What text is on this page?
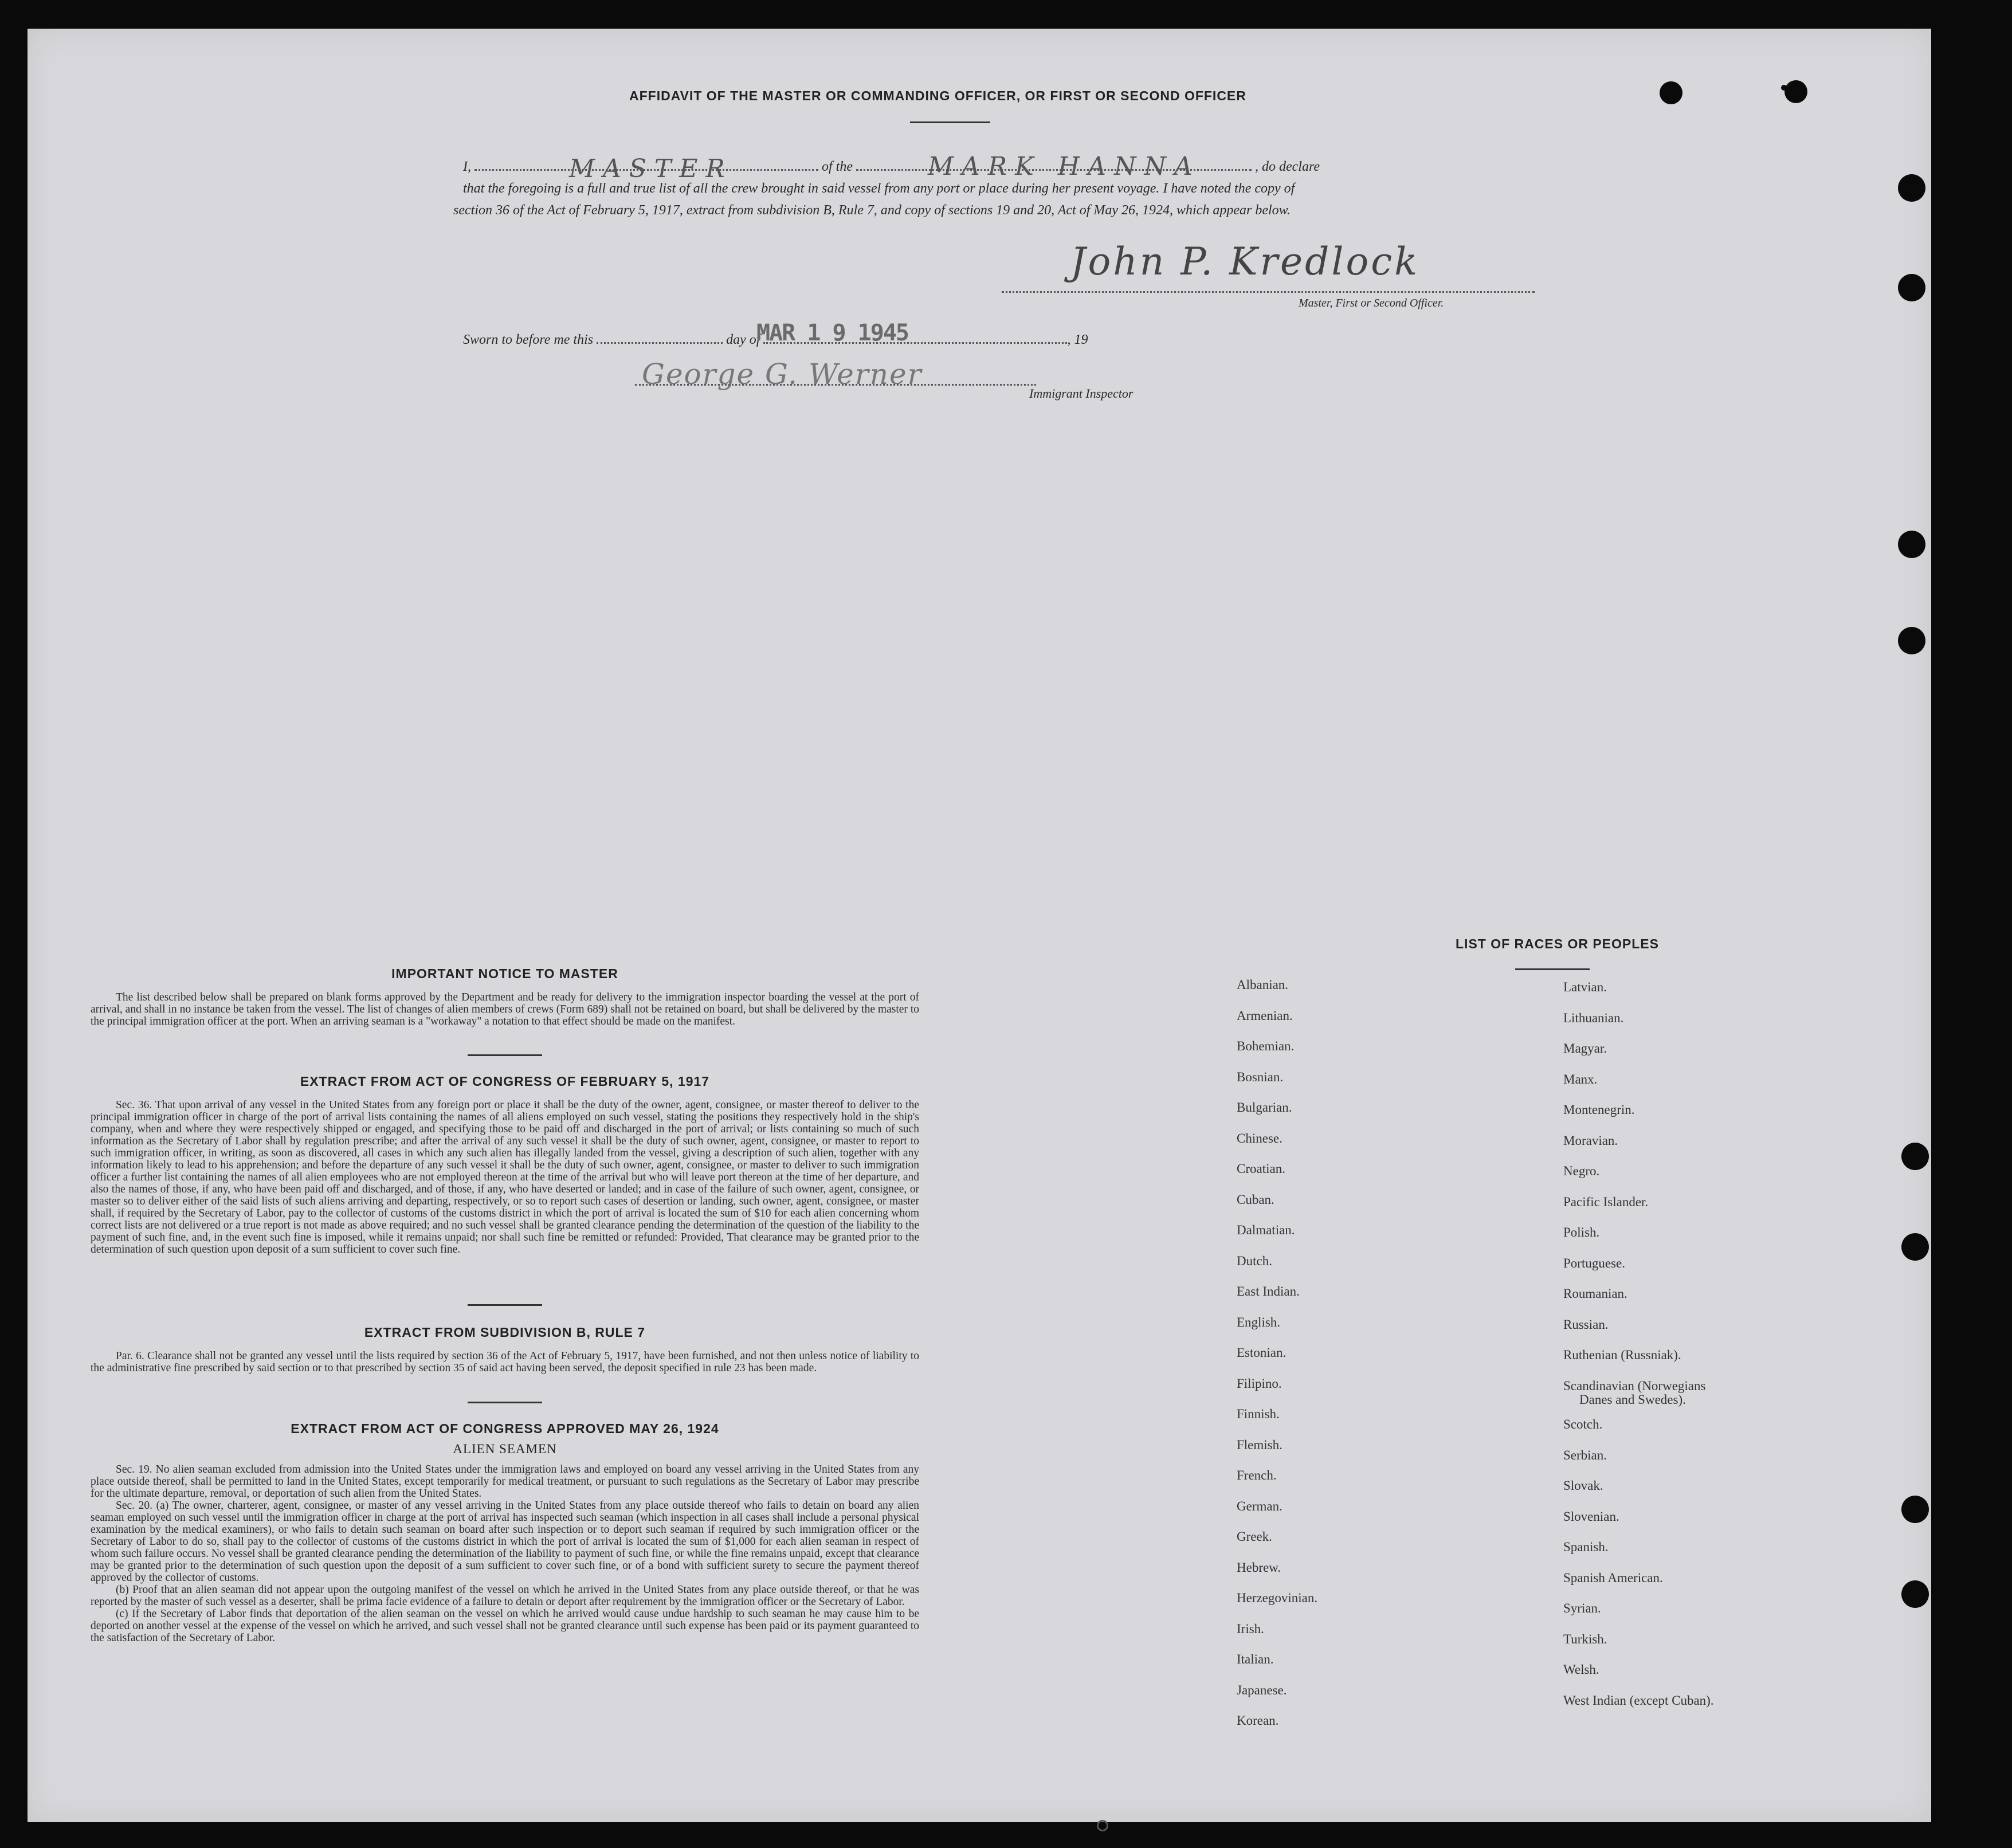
AFFIDAVIT OF THE MASTER OR COMMANDING OFFICER, OR FIRST OR SECOND OFFICER
I,	MASTER	of the	MARK HANNA	, do declare
that the foregoing is a full and true list of all the crew brought in said vessel from any port or place during her present voyage. I have noted the copy of
section 36 of the Act of February 5, 1917, extract from subdivision B, Rule 7, and copy of sections 19 and 20, Act of May 26, 1924, which appear below.
John P. Kredlock
Master, First or Second Officer.
Sworn to before me this	day of	, 19
MAR 1 9 1945
George G. Werner
Immigrant Inspector
IMPORTANT NOTICE TO MASTER

The list described below shall be prepared on blank forms approved by the Department and be ready for delivery to the immigration inspector boarding the vessel at the port of arrival, and shall in no instance be taken from the vessel. The list of changes of alien members of crews (Form 689) shall not be retained on board, but shall be delivered by the master to the principal immigration officer at the port. When an arriving seaman is a "workaway" a notation to that effect should be made on the manifest.

EXTRACT FROM ACT OF CONGRESS OF FEBRUARY 5, 1917

Sec. 36. That upon arrival of any vessel in the United States from any foreign port or place it shall be the duty of the owner, agent, consignee, or master thereof to deliver to the principal immigration officer in charge of the port of arrival lists containing the names of all aliens employed on such vessel, stating the positions they respectively hold in the ship's company, when and where they were respectively shipped or engaged, and specifying those to be paid off and discharged in the port of arrival; or lists containing so much of such information as the Secretary of Labor shall by regulation prescribe; and after the arrival of any such vessel it shall be the duty of such owner, agent, consignee, or master to report to such immigration officer, in writing, as soon as discovered, all cases in which any such alien has illegally landed from the vessel, giving a description of such alien, together with any information likely to lead to his apprehension; and before the departure of any such vessel it shall be the duty of such owner, agent, consignee, or master to deliver to such immigration officer a further list containing the names of all alien employees who are not employed thereon at the time of the arrival but who will leave port thereon at the time of her departure, and also the names of those, if any, who have been paid off and discharged, and of those, if any, who have deserted or landed; and in case of the failure of such owner, agent, consignee, or master so to deliver either of the said lists of such aliens arriving and departing, respectively, or so to report such cases of desertion or landing, such owner, agent, consignee, or master shall, if required by the Secretary of Labor, pay to the collector of customs of the customs district in which the port of arrival is located the sum of $10 for each alien concerning whom correct lists are not delivered or a true report is not made as above required; and no such vessel shall be granted clearance pending the determination of the question of the liability to the payment of such fine, and, in the event such fine is imposed, while it remains unpaid; nor shall such fine be remitted or refunded: Provided, That clearance may be granted prior to the determination of such question upon deposit of a sum sufficient to cover such fine.

EXTRACT FROM SUBDIVISION B, RULE 7

Par. 6. Clearance shall not be granted any vessel until the lists required by section 36 of the Act of February 5, 1917, have been furnished, and not then unless notice of liability to the administrative fine prescribed by said section or to that prescribed by section 35 of said act having been served, the deposit specified in rule 23 has been made.

EXTRACT FROM ACT OF CONGRESS APPROVED MAY 26, 1924
ALIEN SEAMEN

Sec. 19. No alien seaman excluded from admission into the United States under the immigration laws and employed on board any vessel arriving in the United States from any place outside thereof, shall be permitted to land in the United States, except temporarily for medical treatment, or pursuant to such regulations as the Secretary of Labor may prescribe for the ultimate departure, removal, or deportation of such alien from the United States.

Sec. 20. (a) The owner, charterer, agent, consignee, or master of any vessel arriving in the United States from any place outside thereof who fails to detain on board any alien seaman employed on such vessel until the immigration officer in charge at the port of arrival has inspected such seaman (which inspection in all cases shall include a personal physical examination by the medical examiners), or who fails to detain such seaman on board after such inspection or to deport such seaman if required by such immigration officer or the Secretary of Labor to do so, shall pay to the collector of customs of the customs district in which the port of arrival is located the sum of $1,000 for each alien seaman in respect of whom such failure occurs. No vessel shall be granted clearance pending the determination of the liability to payment of such fine, or while the fine remains unpaid, except that clearance may be granted prior to the determination of such question upon the deposit of a sum sufficient to cover such fine, or of a bond with sufficient surety to secure the payment thereof approved by the collector of customs.

(b) Proof that an alien seaman did not appear upon the outgoing manifest of the vessel on which he arrived in the United States from any place outside thereof, or that he was reported by the master of such vessel as a deserter, shall be prima facie evidence of a failure to detain or deport after requirement by the immigration officer or the Secretary of Labor.

(c) If the Secretary of Labor finds that deportation of the alien seaman on the vessel on which he arrived would cause undue hardship to such seaman he may cause him to be deported on another vessel at the expense of the vessel on which he arrived, and such vessel shall not be granted clearance until such expense has been paid or its payment guaranteed to the satisfaction of the Secretary of Labor.

LIST OF RACES OR PEOPLES
Albanian.
Armenian.
Bohemian.
Bosnian.
Bulgarian.
Chinese.
Croatian.
Cuban.
Dalmatian.
Dutch.
East Indian.
English.
Estonian.
Filipino.
Finnish.
Flemish.
French.
German.
Greek.
Hebrew.
Herzegovinian.
Irish.
Italian.
Japanese.
Korean.
Latvian.
Lithuanian.
Magyar.
Manx.
Montenegrin.
Moravian.
Negro.
Pacific Islander.
Polish.
Portuguese.
Roumanian.
Russian.
Ruthenian (Russniak).
Scandinavian (Norwegians
Danes and Swedes).
Scotch.
Serbian.
Slovak.
Slovenian.
Spanish.
Spanish American.
Syrian.
Turkish.
Welsh.
West Indian (except Cuban).
